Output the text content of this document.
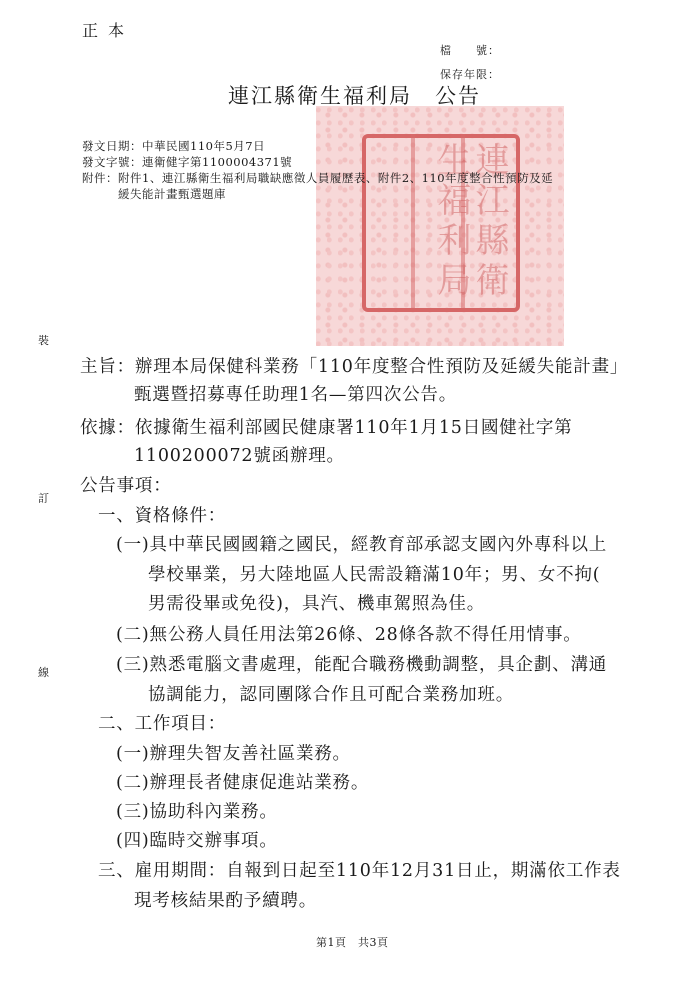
正本
檔　　號：
保存年限：
連江縣衛生福利局
連江縣衛生福利局　公告
發文日期：中華民國110年5月7日
發文字號：連衛健字第1100004371號
附件：附件1、連江縣衛生福利局職缺應徵人員履歷表、附件2、110年度整合性預防及延
緩失能計畫甄選題庫
裝
訂
線
主旨：辦理本局保健科業務「110年度整合性預防及延緩失能計畫」
甄選暨招募專任助理1名—第四次公告。
依據：依據衛生福利部國民健康署110年1月15日國健社字第
1100200072號函辦理。
公告事項：
一、資格條件：
(一)具中華民國國籍之國民，經教育部承認支國內外專科以上
學校畢業，另大陸地區人民需設籍滿10年；男、女不拘(
男需役畢或免役)，具汽、機車駕照為佳。
(二)無公務人員任用法第26條、28條各款不得任用情事。
(三)熟悉電腦文書處理，能配合職務機動調整，具企劃、溝通
協調能力，認同團隊合作且可配合業務加班。
二、工作項目：
(一)辦理失智友善社區業務。
(二)辦理長者健康促進站業務。
(三)協助科內業務。
(四)臨時交辦事項。
三、雇用期間：自報到日起至110年12月31日止，期滿依工作表
現考核結果酌予續聘。
第1頁　共3頁
